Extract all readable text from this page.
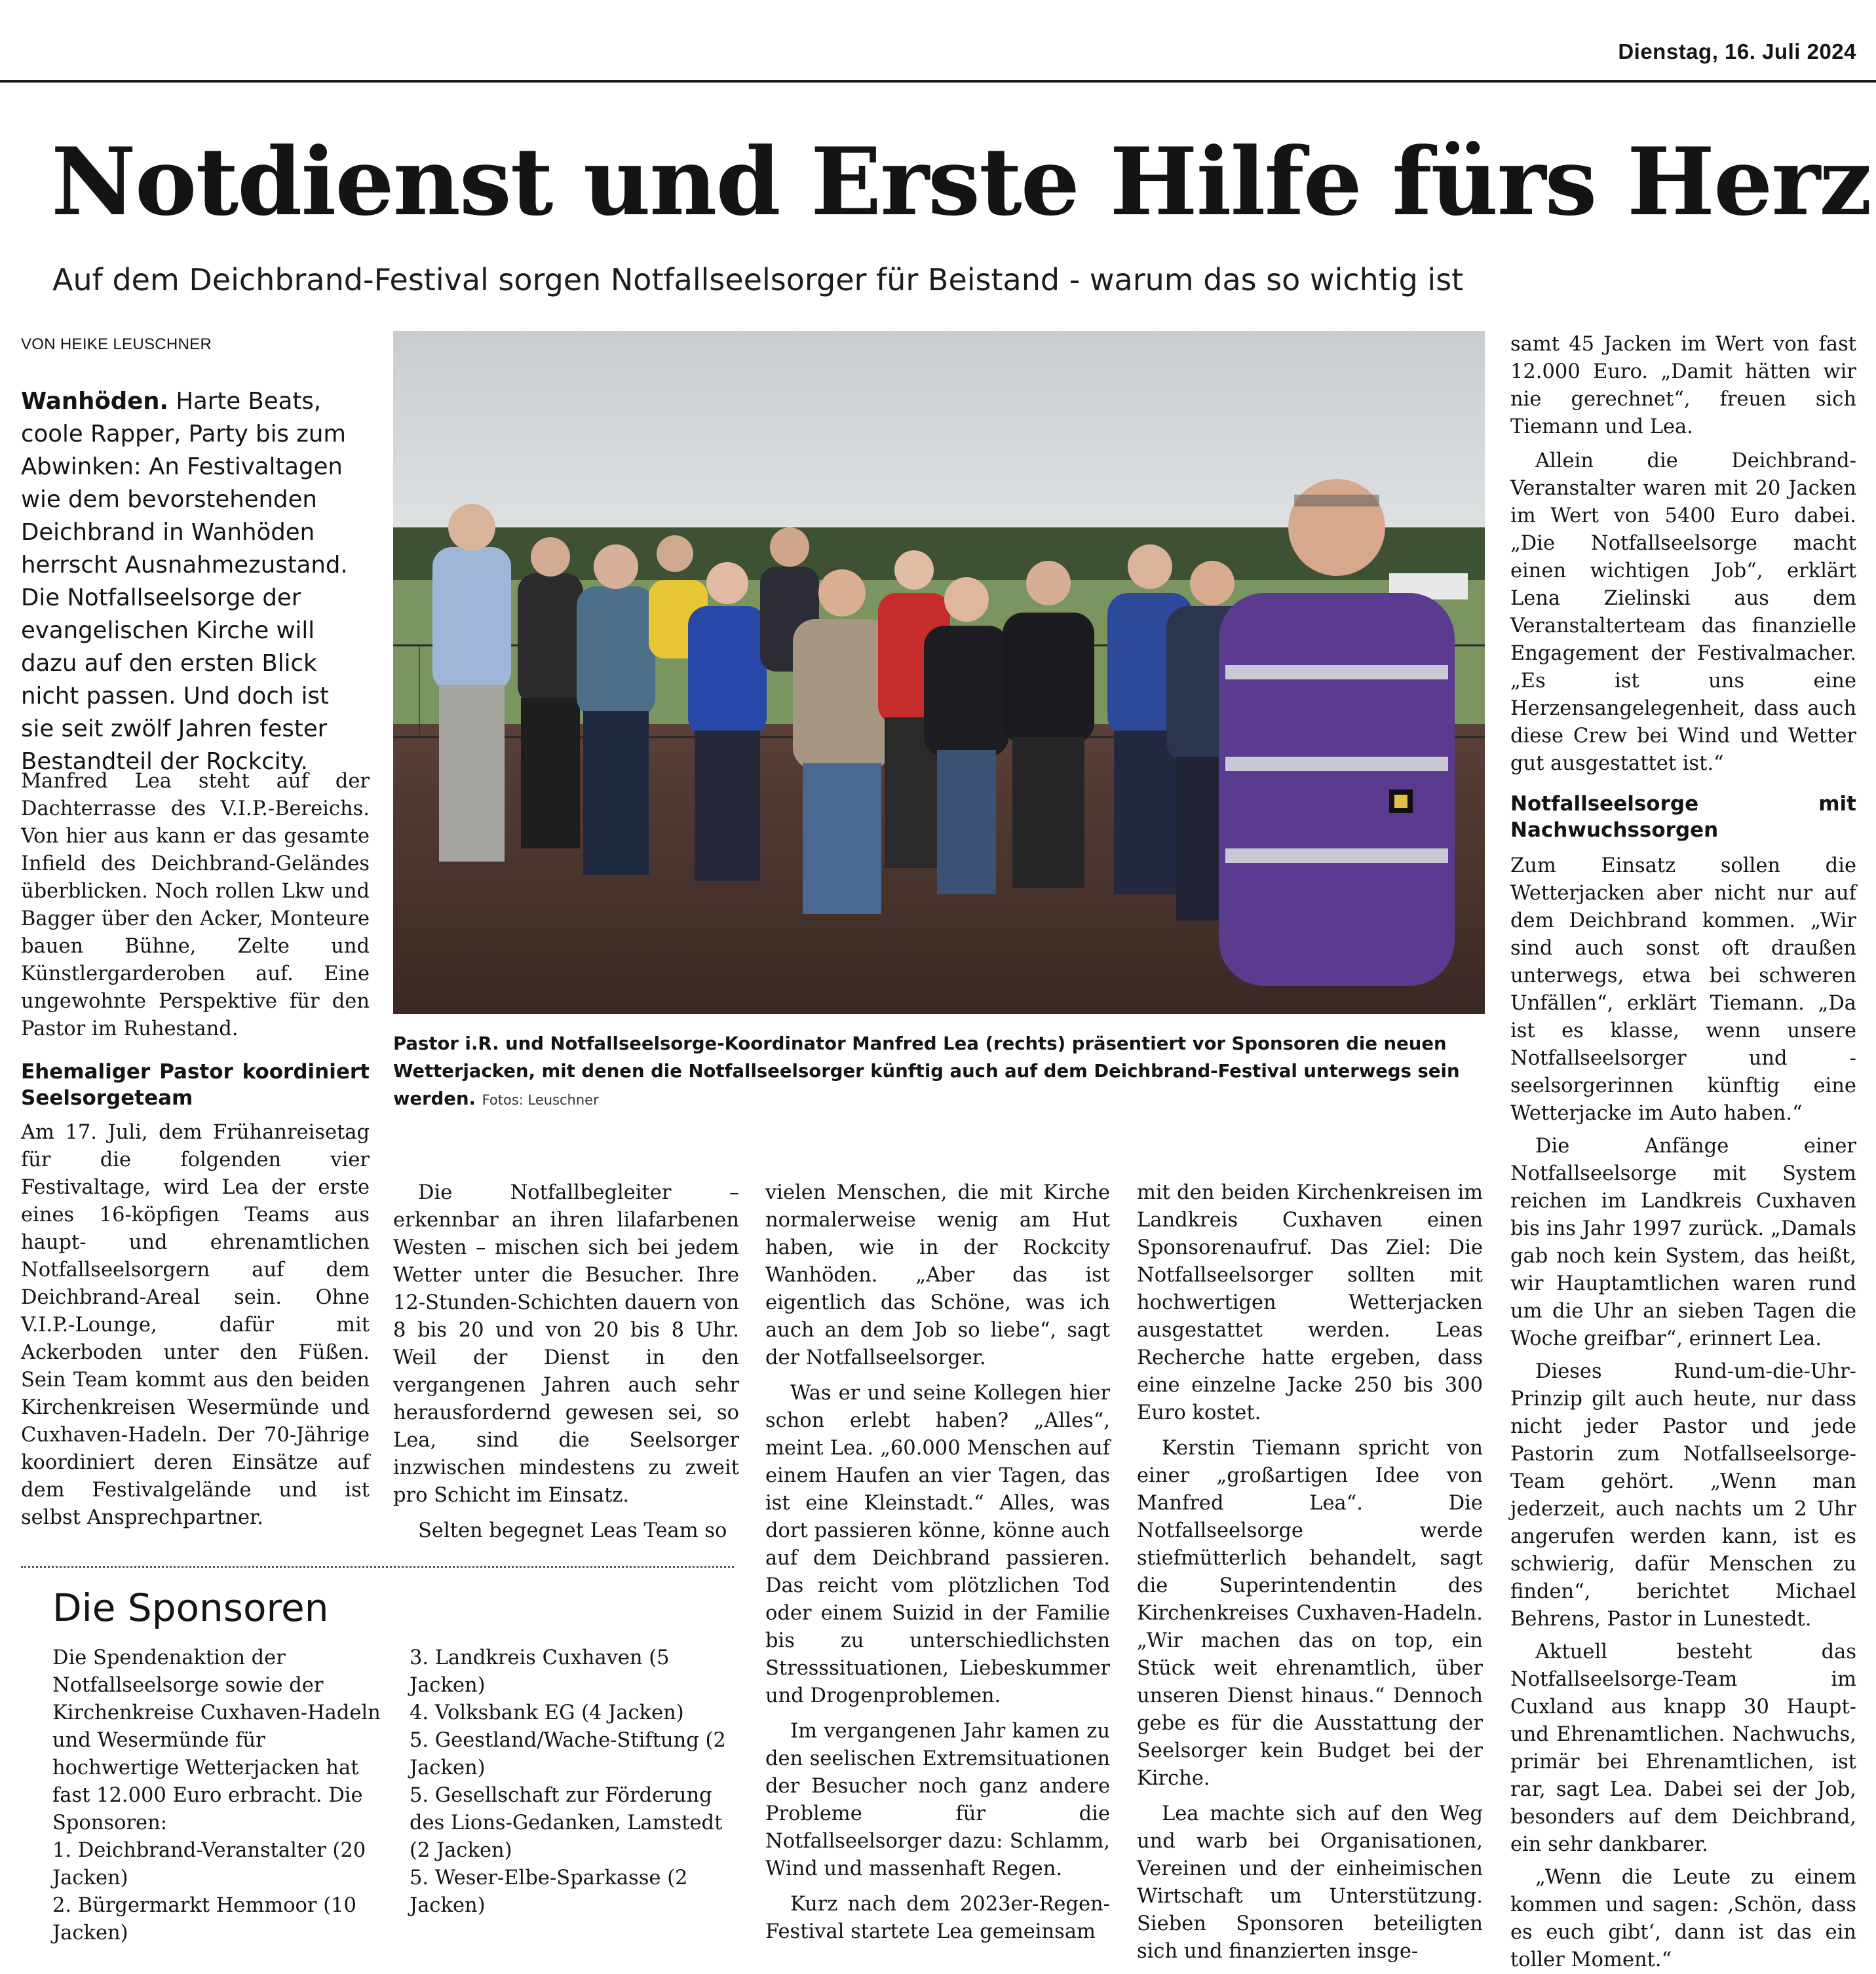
Dienstag, 16. Juli 2024
Notdienst und Erste Hilfe fürs Herz
Auf dem Deichbrand-Festival sorgen Notfallseelsorger für Beistand - warum das so wichtig ist
VON HEIKE LEUSCHNER
Wanhöden. Harte Beats, coole Rapper, Party bis zum Abwinken: An Festivaltagen wie dem bevorstehenden Deichbrand in Wanhöden herrscht Ausnahmezustand. Die Notfallseelsorge der evangelischen Kirche will dazu auf den ersten Blick nicht passen. Und doch ist sie seit zwölf Jahren fester Bestandteil der Rockcity.

Manfred Lea steht auf der Dachterrasse des V.I.P.-Bereichs. Von hier aus kann er das gesamte Infield des Deichbrand-Geländes überblicken. Noch rollen Lkw und Bagger über den Acker, Monteure bauen Bühne, Zelte und Künstlergarderoben auf. Eine ungewohnte Perspektive für den Pastor im Ruhestand.

Ehemaliger Pastor koordiniert Seelsorgeteam

Am 17. Juli, dem Frühanreisetag für die folgenden vier Festivaltage, wird Lea der erste eines 16-köpfigen Teams aus haupt- und ehrenamtlichen Notfallseelsorgern auf dem Deichbrand-Areal sein. Ohne V.I.P.-Lounge, dafür mit Ackerboden unter den Füßen. Sein Team kommt aus den beiden Kirchenkreisen Wesermünde und Cuxhaven-Hadeln. Der 70-Jährige koordiniert deren Einsätze auf dem Festivalgelände und ist selbst Ansprechpartner.

Pastor i.R. und Notfallseelsorge-Koordinator Manfred Lea (rechts) präsentiert vor Sponsoren die neuen Wetterjacken, mit denen die Notfallseelsorger künftig auch auf dem Deichbrand-Festival unterwegs sein werden. Fotos: Leuschner

Die Notfallbegleiter – erkennbar an ihren lilafarbenen Westen – mischen sich bei jedem Wetter unter die Besucher. Ihre 12-Stunden-Schichten dauern von 8 bis 20 und von 20 bis 8 Uhr. Weil der Dienst in den vergangenen Jahren auch sehr herausfordernd gewesen sei, so Lea, sind die Seelsorger inzwischen mindestens zu zweit pro Schicht im Einsatz.

Selten begegnet Leas Team so

vielen Menschen, die mit Kirche normalerweise wenig am Hut haben, wie in der Rockcity Wanhöden. „Aber das ist eigentlich das Schöne, was ich auch an dem Job so liebe“, sagt der Notfallseelsorger.

Was er und seine Kollegen hier schon erlebt haben? „Alles“, meint Lea. „60.000 Menschen auf einem Haufen an vier Tagen, das ist eine Kleinstadt.“ Alles, was dort passieren könne, könne auch auf dem Deichbrand passieren. Das reicht vom plötzlichen Tod oder einem Suizid in der Familie bis zu unterschiedlichsten Stresssituationen, Liebeskummer und Drogenproblemen.

Im vergangenen Jahr kamen zu den seelischen Extremsituationen der Besucher noch ganz andere Probleme für die Notfallseelsorger dazu: Schlamm, Wind und massenhaft Regen.

Kurz nach dem 2023er-Regen-Festival startete Lea gemeinsam

mit den beiden Kirchenkreisen im Landkreis Cuxhaven einen Sponsorenaufruf. Das Ziel: Die Notfallseelsorger sollten mit hochwertigen Wetterjacken ausgestattet werden. Leas Recherche hatte ergeben, dass eine einzelne Jacke 250 bis 300 Euro kostet.

Kerstin Tiemann spricht von einer „großartigen Idee von Manfred Lea“. Die Notfallseelsorge werde stiefmütterlich behandelt, sagt die Superintendentin des Kirchenkreises Cuxhaven-Hadeln. „Wir machen das on top, ein Stück weit ehrenamtlich, über unseren Dienst hinaus.“ Dennoch gebe es für die Ausstattung der Seelsorger kein Budget bei der Kirche.

Lea machte sich auf den Weg und warb bei Organisationen, Vereinen und der einheimischen Wirtschaft um Unterstützung. Sieben Sponsoren beteiligten sich und finanzierten insge-

samt 45 Jacken im Wert von fast 12.000 Euro. „Damit hätten wir nie gerechnet“, freuen sich Tiemann und Lea.

Allein die Deichbrand-Veranstalter waren mit 20 Jacken im Wert von 5400 Euro dabei. „Die Notfallseelsorge macht einen wichtigen Job“, erklärt Lena Zielinski aus dem Veranstalterteam das finanzielle Engagement der Festivalmacher. „Es ist uns eine Herzensangelegenheit, dass auch diese Crew bei Wind und Wetter gut ausgestattet ist.“

Notfallseelsorge mit Nachwuchssorgen

Zum Einsatz sollen die Wetterjacken aber nicht nur auf dem Deichbrand kommen. „Wir sind auch sonst oft draußen unterwegs, etwa bei schweren Unfällen“, erklärt Tiemann. „Da ist es klasse, wenn unsere Notfallseelsorger und -seelsorgerinnen künftig eine Wetterjacke im Auto haben.“

Die Anfänge einer Notfallseelsorge mit System reichen im Landkreis Cuxhaven bis ins Jahr 1997 zurück. „Damals gab noch kein System, das heißt, wir Hauptamtlichen waren rund um die Uhr an sieben Tagen die Woche greifbar“, erinnert Lea.

Dieses Rund-um-die-Uhr-Prinzip gilt auch heute, nur dass nicht jeder Pastor und jede Pastorin zum Notfallseelsorge-Team gehört. „Wenn man jederzeit, auch nachts um 2 Uhr angerufen werden kann, ist es schwierig, dafür Menschen zu finden“, berichtet Michael Behrens, Pastor in Lunestedt.

Aktuell besteht das Notfallseelsorge-Team im Cuxland aus knapp 30 Haupt- und Ehrenamtlichen. Nachwuchs, primär bei Ehrenamtlichen, ist rar, sagt Lea. Dabei sei der Job, besonders auf dem Deichbrand, ein sehr dankbarer.

„Wenn die Leute zu einem kommen und sagen: ‚Schön, dass es euch gibt‘, dann ist das ein toller Moment.“

Die Sponsoren
Die Spendenaktion der Notfallseelsorge sowie der Kirchenkreise Cuxhaven-Hadeln und Wesermünde für hochwertige Wetterjacken hat fast 12.000 Euro erbracht. Die Sponsoren:
1. Deichbrand-Veranstalter (20 Jacken)
2. Bürgermarkt Hemmoor (10 Jacken)
3. Landkreis Cuxhaven (5 Jacken)
4. Volksbank EG (4 Jacken)
5. Geestland/Wache-Stiftung (2 Jacken)
5. Gesellschaft zur Förderung des Lions-Gedanken, Lamstedt (2 Jacken)
5. Weser-Elbe-Sparkasse (2 Jacken)
